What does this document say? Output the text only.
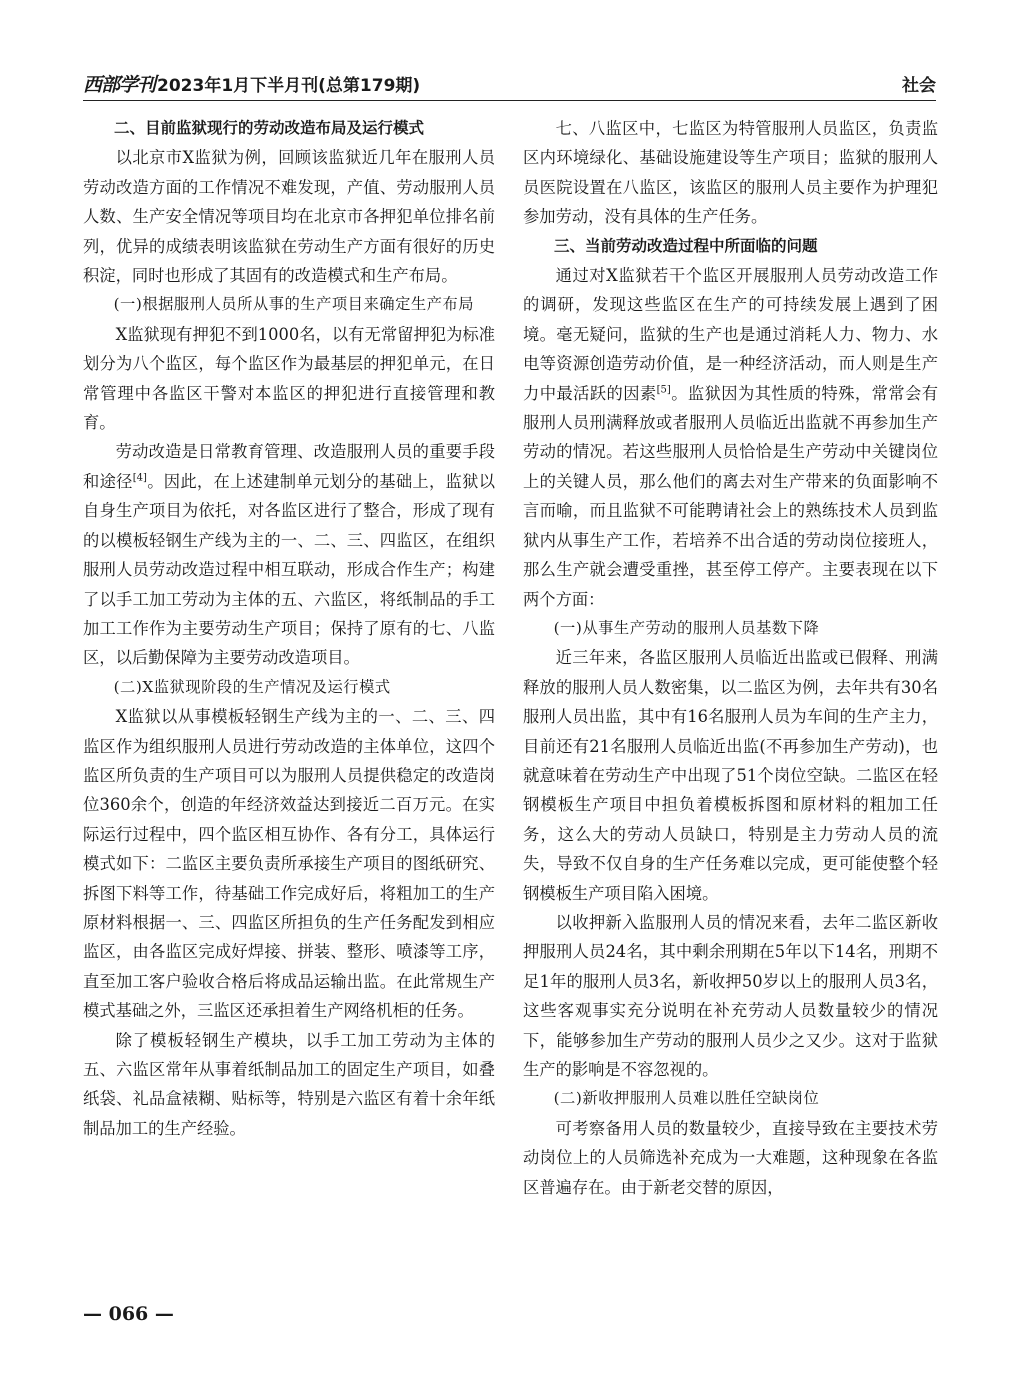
西部学刊 2023年1月下半月刊(总第179期)	社会

二、目前监狱现行的劳动改造布局及运行模式

以北京市X监狱为例，回顾该监狱近几年在服刑人员劳动改造方面的工作情况不难发现，产值、劳动服刑人员人数、生产安全情况等项目均在北京市各押犯单位排名前列，优异的成绩表明该监狱在劳动生产方面有很好的历史积淀，同时也形成了其固有的改造模式和生产布局。

(一)根据服刑人员所从事的生产项目来确定生产布局

X监狱现有押犯不到1000名，以有无常留押犯为标准划分为八个监区，每个监区作为最基层的押犯单元，在日常管理中各监区干警对本监区的押犯进行直接管理和教育。

劳动改造是日常教育管理、改造服刑人员的重要手段和途径[4]。因此，在上述建制单元划分的基础上，监狱以自身生产项目为依托，对各监区进行了整合，形成了现有的以模板轻钢生产线为主的一、二、三、四监区，在组织服刑人员劳动改造过程中相互联动，形成合作生产；构建了以手工加工劳动为主体的五、六监区，将纸制品的手工加工工作作为主要劳动生产项目；保持了原有的七、八监区，以后勤保障为主要劳动改造项目。

(二)X监狱现阶段的生产情况及运行模式

X监狱以从事模板轻钢生产线为主的一、二、三、四监区作为组织服刑人员进行劳动改造的主体单位，这四个监区所负责的生产项目可以为服刑人员提供稳定的改造岗位360余个，创造的年经济效益达到接近二百万元。在实际运行过程中，四个监区相互协作、各有分工，具体运行模式如下：二监区主要负责所承接生产项目的图纸研究、拆图下料等工作，待基础工作完成好后，将粗加工的生产原材料根据一、三、四监区所担负的生产任务配发到相应监区，由各监区完成好焊接、拼装、整形、喷漆等工序，直至加工客户验收合格后将成品运输出监。在此常规生产模式基础之外，三监区还承担着生产网络机柜的任务。

除了模板轻钢生产模块，以手工加工劳动为主体的五、六监区常年从事着纸制品加工的固定生产项目，如叠纸袋、礼品盒裱糊、贴标等，特别是六监区有着十余年纸制品加工的生产经验。

七、八监区中，七监区为特管服刑人员监区，负责监区内环境绿化、基础设施建设等生产项目；监狱的服刑人员医院设置在八监区，该监区的服刑人员主要作为护理犯参加劳动，没有具体的生产任务。

三、当前劳动改造过程中所面临的问题

通过对X监狱若干个监区开展服刑人员劳动改造工作的调研，发现这些监区在生产的可持续发展上遇到了困境。毫无疑问，监狱的生产也是通过消耗人力、物力、水电等资源创造劳动价值，是一种经济活动，而人则是生产力中最活跃的因素[5]。监狱因为其性质的特殊，常常会有服刑人员刑满释放或者服刑人员临近出监就不再参加生产劳动的情况。若这些服刑人员恰恰是生产劳动中关键岗位上的关键人员，那么他们的离去对生产带来的负面影响不言而喻，而且监狱不可能聘请社会上的熟练技术人员到监狱内从事生产工作，若培养不出合适的劳动岗位接班人，那么生产就会遭受重挫，甚至停工停产。主要表现在以下两个方面：

(一)从事生产劳动的服刑人员基数下降

近三年来，各监区服刑人员临近出监或已假释、刑满释放的服刑人员人数密集，以二监区为例，去年共有30名服刑人员出监，其中有16名服刑人员为车间的生产主力，目前还有21名服刑人员临近出监(不再参加生产劳动)，也就意味着在劳动生产中出现了51个岗位空缺。二监区在轻钢模板生产项目中担负着模板拆图和原材料的粗加工任务，这么大的劳动人员缺口，特别是主力劳动人员的流失，导致不仅自身的生产任务难以完成，更可能使整个轻钢模板生产项目陷入困境。

以收押新入监服刑人员的情况来看，去年二监区新收押服刑人员24名，其中剩余刑期在5年以下14名，刑期不足1年的服刑人员3名，新收押50岁以上的服刑人员3名，这些客观事实充分说明在补充劳动人员数量较少的情况下，能够参加生产劳动的服刑人员少之又少。这对于监狱生产的影响是不容忽视的。

(二)新收押服刑人员难以胜任空缺岗位

可考察备用人员的数量较少，直接导致在主要技术劳动岗位上的人员筛选补充成为一大难题，这种现象在各监区普遍存在。由于新老交替的原因，

— 066 —
